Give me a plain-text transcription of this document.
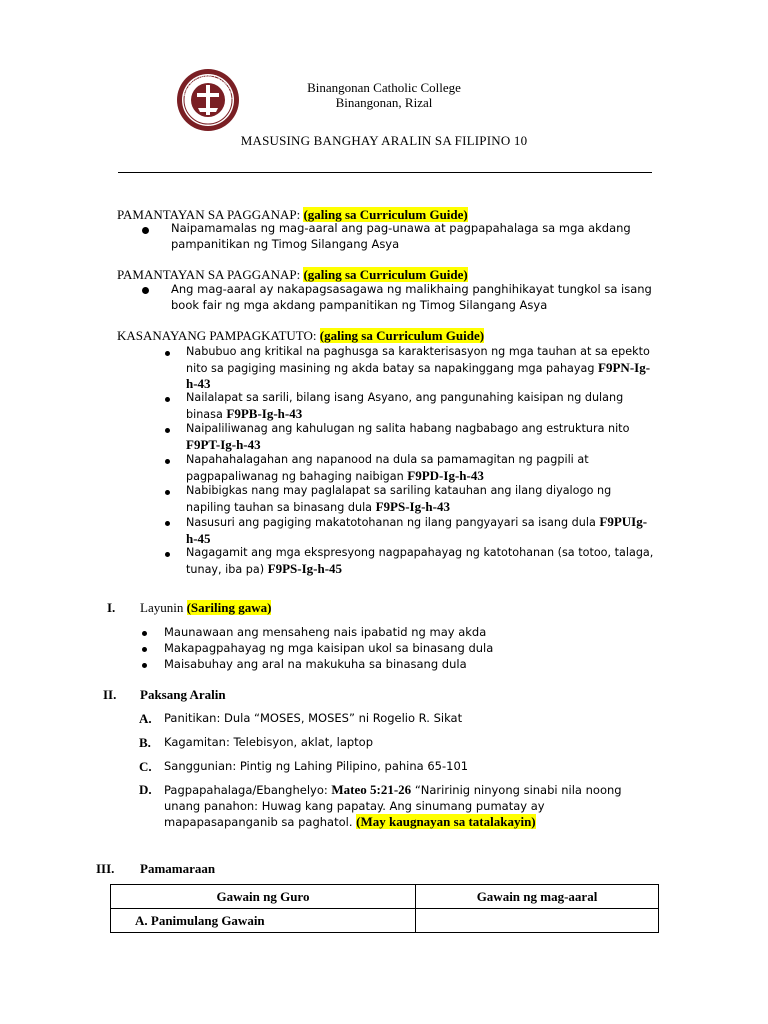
BINANGONAN CATHOLIC C
Binangonan Catholic College
Binangonan, Rizal
MASUSING BANGHAY ARALIN SA FILIPINO 10
PAMANTAYAN SA PAGGANAP: (galing sa Curriculum Guide)
Naipamamalas ng mag-aaral ang pag-unawa at pagpapahalaga sa mga akdang pampanitikan ng Timog Silangang Asya
PAMANTAYAN SA PAGGANAP: (galing sa Curriculum Guide)
Ang mag-aaral ay nakapagsasagawa ng malikhaing panghihikayat tungkol sa isang book fair ng mga akdang pampanitikan ng Timog Silangang Asya
KASANAYANG PAMPAGKATUTO: (galing sa Curriculum Guide)
Nabubuo ang kritikal na paghusga sa karakterisasyon ng mga tauhan at sa epekto nito sa pagiging masining ng akda batay sa napakinggang mga pahayag F9PN-Ig-h-43
Nailalapat sa sarili, bilang isang Asyano, ang pangunahing kaisipan ng dulang binasa F9PB-Ig-h-43
Naipaliliwanag ang kahulugan ng salita habang nagbabago ang estruktura nito F9PT-Ig-h-43
Napahahalagahan ang napanood na dula sa pamamagitan ng pagpili at pagpapaliwanag ng bahaging naibigan F9PD-Ig-h-43
Nabibigkas nang may paglalapat sa sariling katauhan ang ilang diyalogo ng napiling tauhan sa binasang dula F9PS-Ig-h-43
Nasusuri ang pagiging makatotohanan ng ilang pangyayari sa isang dula F9PUIg-h-45
Nagagamit ang mga ekspresyong nagpapahayag ng katotohanan (sa totoo, talaga, tunay, iba pa) F9PS-Ig-h-45
I. Layunin (Sariling gawa)
Maunawaan ang mensaheng nais ipabatid ng may akda
Makapagpahayag ng mga kaisipan ukol sa binasang dula
Maisabuhay ang aral na makukuha sa binasang dula
II. Paksang Aralin
A. Panitikan: Dula “MOSES, MOSES” ni Rogelio R. Sikat
B. Kagamitan: Telebisyon, aklat, laptop
C. Sanggunian: Pintig ng Lahing Pilipino, pahina 65-101
D. Pagpapahalaga/Ebanghelyo: Mateo 5:21-26 “Naririnig ninyong sinabi nila noong unang panahon: Huwag kang papatay. Ang sinumang pumatay ay mapapasapanganib sa paghatol. (May kaugnayan sa tatalakayin)
III. Pamamaraan
Gawain ng Guro	Gawain ng mag-aaral
A. Panimulang Gawain	
